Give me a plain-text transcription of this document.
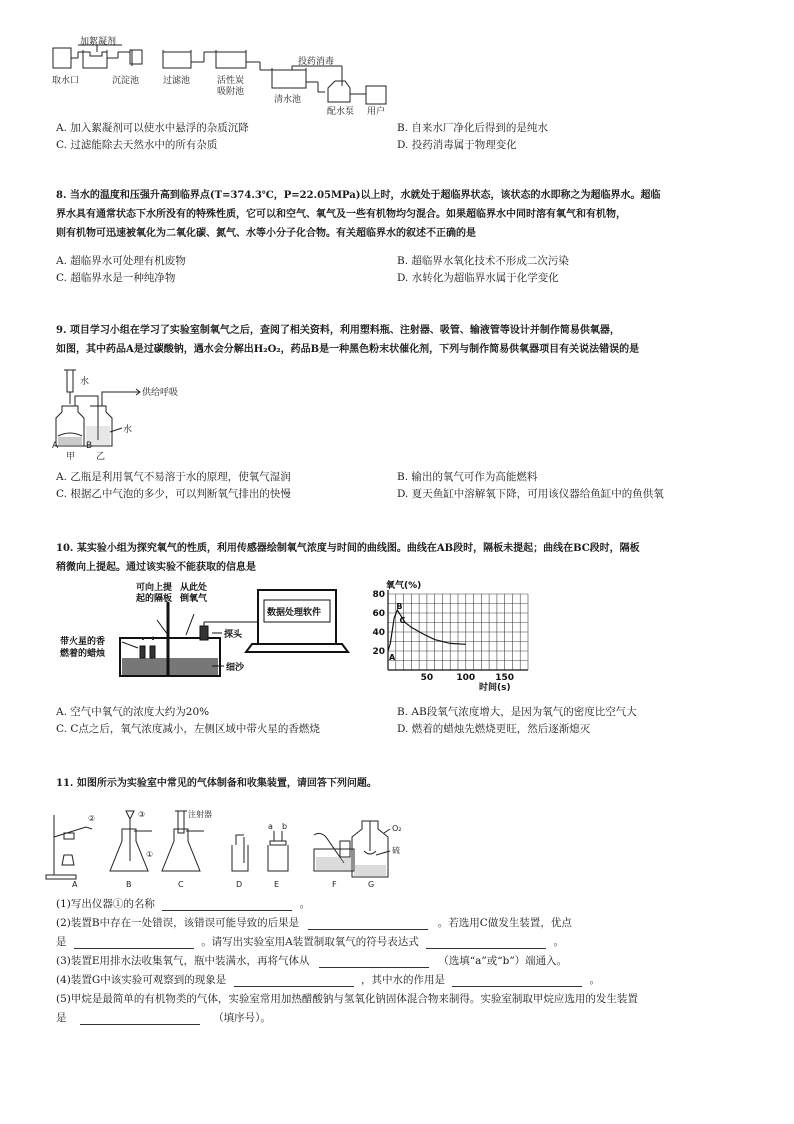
加絮凝剂
取水口	沉淀池	过滤池	活性炭
吸附池
投药消毒
清水池
配水泵 用户
A. 加入絮凝剂可以使水中悬浮的杂质沉降	B. 自来水厂净化后得到的是纯水
C. 过滤能除去天然水中的所有杂质	D. 投药消毒属于物理变化
8. 当水的温度和压强升高到临界点(T=374.3℃，P=22.05MPa)以上时，水就处于超临界状态，该状态的水即称之为超临界水。超临
界水具有通常状态下水所没有的特殊性质，它可以和空气、氧气及一些有机物均匀混合。如果超临界水中同时溶有氧气和有机物，
则有机物可迅速被氧化为二氧化碳、氮气、水等小分子化合物。有关超临界水的叙述不正确的是
A. 超临界水可处理有机废物	B. 超临界水氧化技术不形成二次污染
C. 超临界水是一种纯净物	D. 水转化为超临界水属于化学变化
9. 项目学习小组在学习了实验室制氧气之后，查阅了相关资料，利用塑料瓶、注射器、吸管、输液管等设计并制作简易供氧器，
如图，其中药品A是过碳酸钠，遇水会分解出H₂O₂，药品B是一种黑色粉末状催化剂，下列与制作简易供氧器项目有关说法错误的是
水
供给呼吸
水
A	B
甲 乙
A. 乙瓶是利用氧气不易溶于水的原理，使氧气湿润	B. 输出的氧气可作为高能燃料
C. 根据乙中气泡的多少，可以判断氧气排出的快慢	D. 夏天鱼缸中溶解氧下降，可用该仪器给鱼缸中的鱼供氧
10. 某实验小组为探究氧气的性质，利用传感器绘制氧气浓度与时间的曲线图。曲线在AB段时，隔板未提起；曲线在BC段时，隔板
稍微向上提起。通过该实验不能获取的信息是
可向上提
起的隔板
从此处
倒氧气
数据处理软件
带火星的香
燃着的蜡烛
探头
细沙
20
40
60
80
50	100 150
A
B
C
氧气(%)
时间(s)
A. 空气中氧气的浓度大约为20%	B. AB段氧气浓度增大，是因为氧气的密度比空气大
C. C点之后，氧气浓度减小，左侧区域中带火星的香燃烧	D. 燃着的蜡烛先燃烧更旺，然后逐渐熄灭
11. 如图所示为实验室中常见的气体制备和收集装置，请回答下列问题。
②	③
①
注射器
a b	O₂
硫
A	B	C	D	E	F	G
(1)写出仪器①的名称	。
(2)装置B中存在一处错误，该错误可能导致的后果是	。若选用C做发生装置，优点
是	。请写出实验室用A装置制取氧气的符号表达式	。
(3)装置E用排水法收集氧气，瓶中装满水，再将气体从	（选填“a”或“b”）端通入。
(4)装置G中该实验可观察到的现象是	，其中水的作用是	。
(5)甲烷是最简单的有机物类的气体，实验室常用加热醋酸钠与氢氧化钠固体混合物来制得。实验室制取甲烷应选用的发生装置
是	（填序号）。
